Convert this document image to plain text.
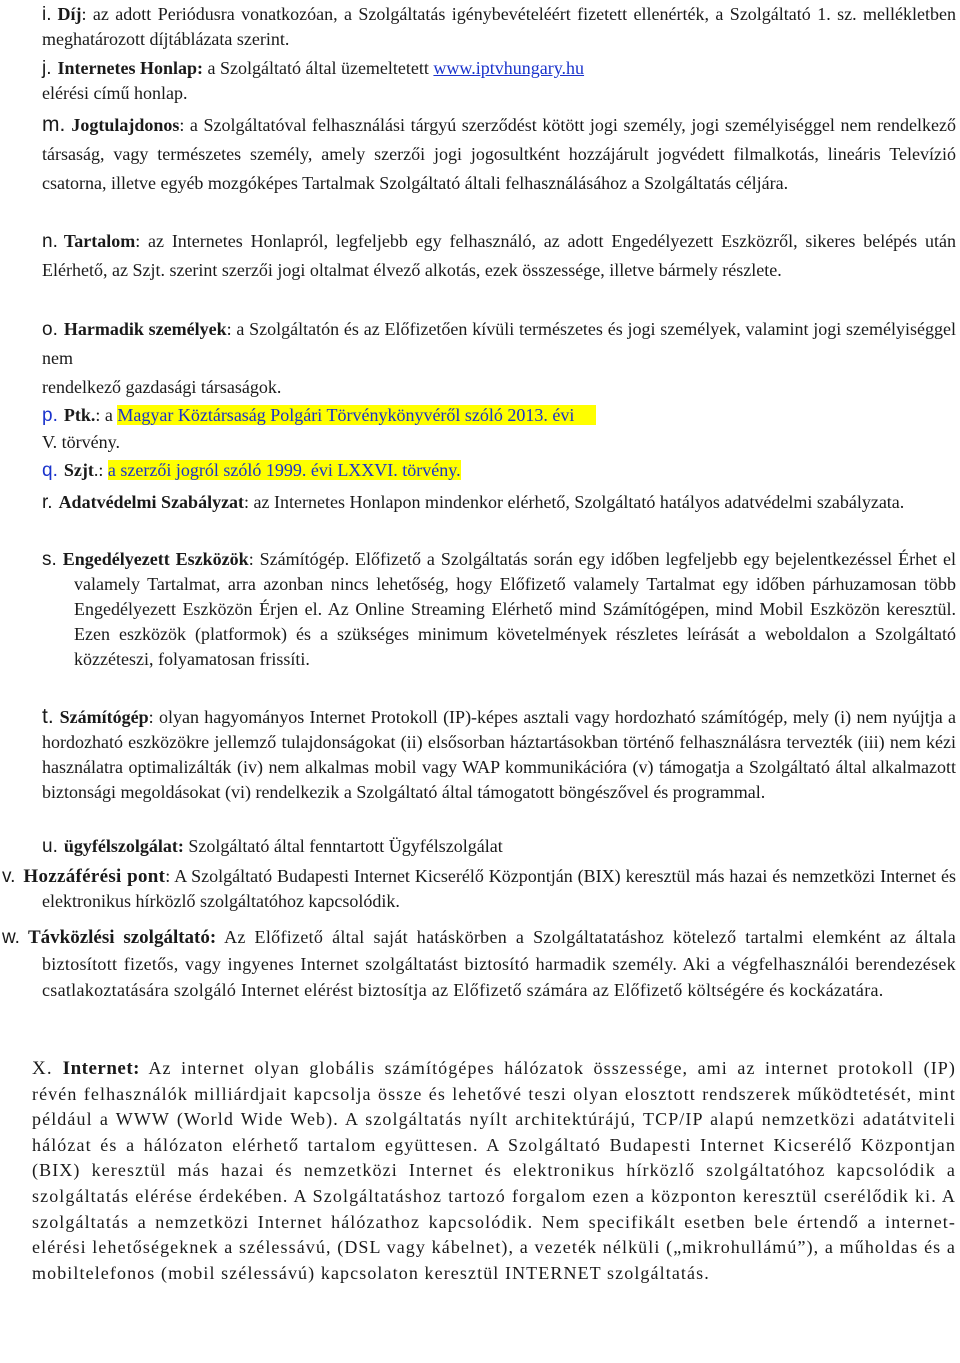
i. Díj: az adott Periódusra vonatkozóan, a Szolgáltatás igénybevételéért fizetett ellenérték, a Szolgáltató 1. sz. mellékletben meghatározott díjtáblázata szerint.

j. Internetes Honlap: a Szolgáltató által üzemeltetett www.iptvhungary.hu
elérési című honlap.

m. Jogtulajdonos: a Szolgáltatóval felhasználási tárgyú szerződést kötött jogi személy, jogi személyiséggel nem rendelkező társaság, vagy természetes személy, amely szerzői jogi jogosultként hozzájárult jogvédett filmalkotás, lineáris Televízió csatorna, illetve egyéb mozgóképes Tartalmak Szolgáltató általi felhasználásához a Szolgáltatás céljára.

n. Tartalom: az Internetes Honlapról, legfeljebb egy felhasználó, az adott Engedélyezett Eszközről, sikeres belépés után Elérhető, az Szjt. szerint szerzői jogi oltalmat élvező alkotás, ezek összessége, illetve bármely részlete.

o. Harmadik személyek: a Szolgáltatón és az Előfizetően kívüli természetes és jogi személyek, valamint jogi személyiséggel nem
rendelkező gazdasági társaságok.

p. Ptk.: a Magyar Köztársaság Polgári Törvénykönyvéről szóló 2013. évi
V. törvény.

q. Szjt.: a szerzői jogról szóló 1999. évi LXXVI. törvény.

r. Adatvédelmi Szabályzat: az Internetes Honlapon mindenkor elérhető, Szolgáltató hatályos adatvédelmi szabályzata.

s. Engedélyezett Eszközök: Számítógép. Előfizető a Szolgáltatás során egy időben legfeljebb egy bejelentkezéssel Érhet el valamely Tartalmat, arra azonban nincs lehetőség, hogy Előfizető valamely Tartalmat egy időben párhuzamosan több Engedélyezett Eszközön Érjen el. Az Online Streaming Elérhető mind Számítógépen, mind Mobil Eszközön keresztül. Ezen eszközök (platformok) és a szükséges minimum követelmények részletes leírását a weboldalon a Szolgáltató közzéteszi, folyamatosan frissíti.

t. Számítógép: olyan hagyományos Internet Protokoll (IP)-képes asztali vagy hordozható számítógép, mely (i) nem nyújtja a hordozható eszközökre jellemző tulajdonságokat (ii) elsősorban háztartásokban történő felhasználásra tervezték (iii) nem kézi használatra optimalizálták (iv) nem alkalmas mobil vagy WAP kommunikációra (v) támogatja a Szolgáltató által alkalmazott biztonsági megoldásokat (vi) rendelkezik a Szolgáltató által támogatott böngészővel és programmal.

u. ügyfélszolgálat: Szolgáltató által fenntartott Ügyfélszolgálat

v. Hozzáférési pont: A Szolgáltató Budapesti Internet Kicserélő Központján (BIX) keresztül más hazai és nemzetközi Internet és elektronikus hírközlő szolgáltatóhoz kapcsolódik.

w. Távközlési szolgáltató: Az Előfizető által saját hatáskörben a Szolgáltatatáshoz kötelező tartalmi elemként az általa biztosított fizetős, vagy ingyenes Internet szolgáltatást biztosító harmadik személy. Aki a végfelhasználói berendezések csatlakoztatására szolgáló Internet elérést biztosítja az Előfizető számára az Előfizető költségére és kockázatára.

X. Internet: Az internet olyan globális számítógépes hálózatok összessége, ami az internet protokoll (IP) révén felhasználók milliárdjait kapcsolja össze és lehetővé teszi olyan elosztott rendszerek működtetését, mint például a WWW (World Wide Web). A szolgáltatás nyílt architektúrájú, TCP/IP alapú nemzetközi adatátviteli hálózat és a hálózaton elérhető tartalom együttesen. A Szolgáltató Budapesti Internet Kicserélő Központjan (BIX) keresztül más hazai és nemzetközi Internet és elektronikus hírközlő szolgáltatóhoz kapcsolódik a szolgáltatás elérése érdekében. A Szolgáltatáshoz tartozó forgalom ezen a központon keresztül cserélődik ki. A szolgáltatás a nemzetközi Internet hálózathoz kapcsolódik. Nem specifikált esetben bele értendő a internet-elérési lehetőségeknek a szélessávú, (DSL vagy kábelnet), a vezeték nélküli („mikrohullámú”), a műholdas és a mobiltelefonos (mobil szélessávú) kapcsolaton keresztül INTERNET szolgáltatás.
